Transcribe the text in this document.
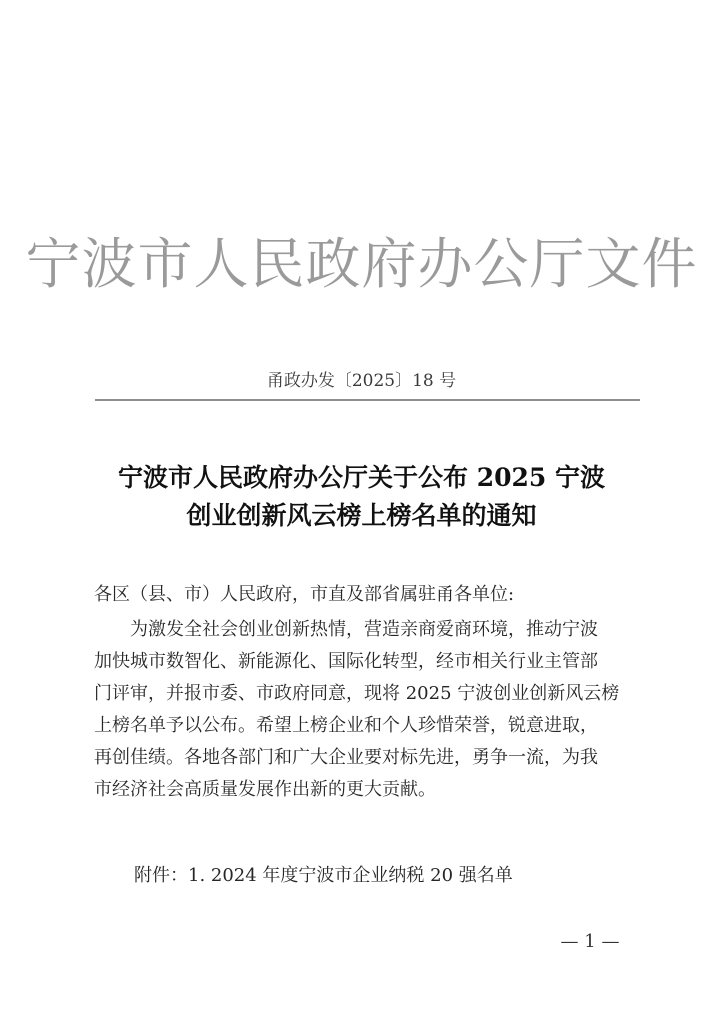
宁波市人民政府办公厅文件
甬政办发〔2025〕18 号
宁波市人民政府办公厅关于公布 2025 宁波
创业创新风云榜上榜名单的通知
各区（县、市）人民政府，市直及部省属驻甬各单位:
　　为激发全社会创业创新热情，营造亲商爱商环境，推动宁波
加快城市数智化、新能源化、国际化转型，经市相关行业主管部
门评审，并报市委、市政府同意，现将 2025 宁波创业创新风云榜
上榜名单予以公布。希望上榜企业和个人珍惜荣誉，锐意进取，
再创佳绩。各地各部门和广大企业要对标先进，勇争一流，为我
市经济社会高质量发展作出新的更大贡献。
附件：1. 2024 年度宁波市企业纳税 20 强名单
— 1 —
